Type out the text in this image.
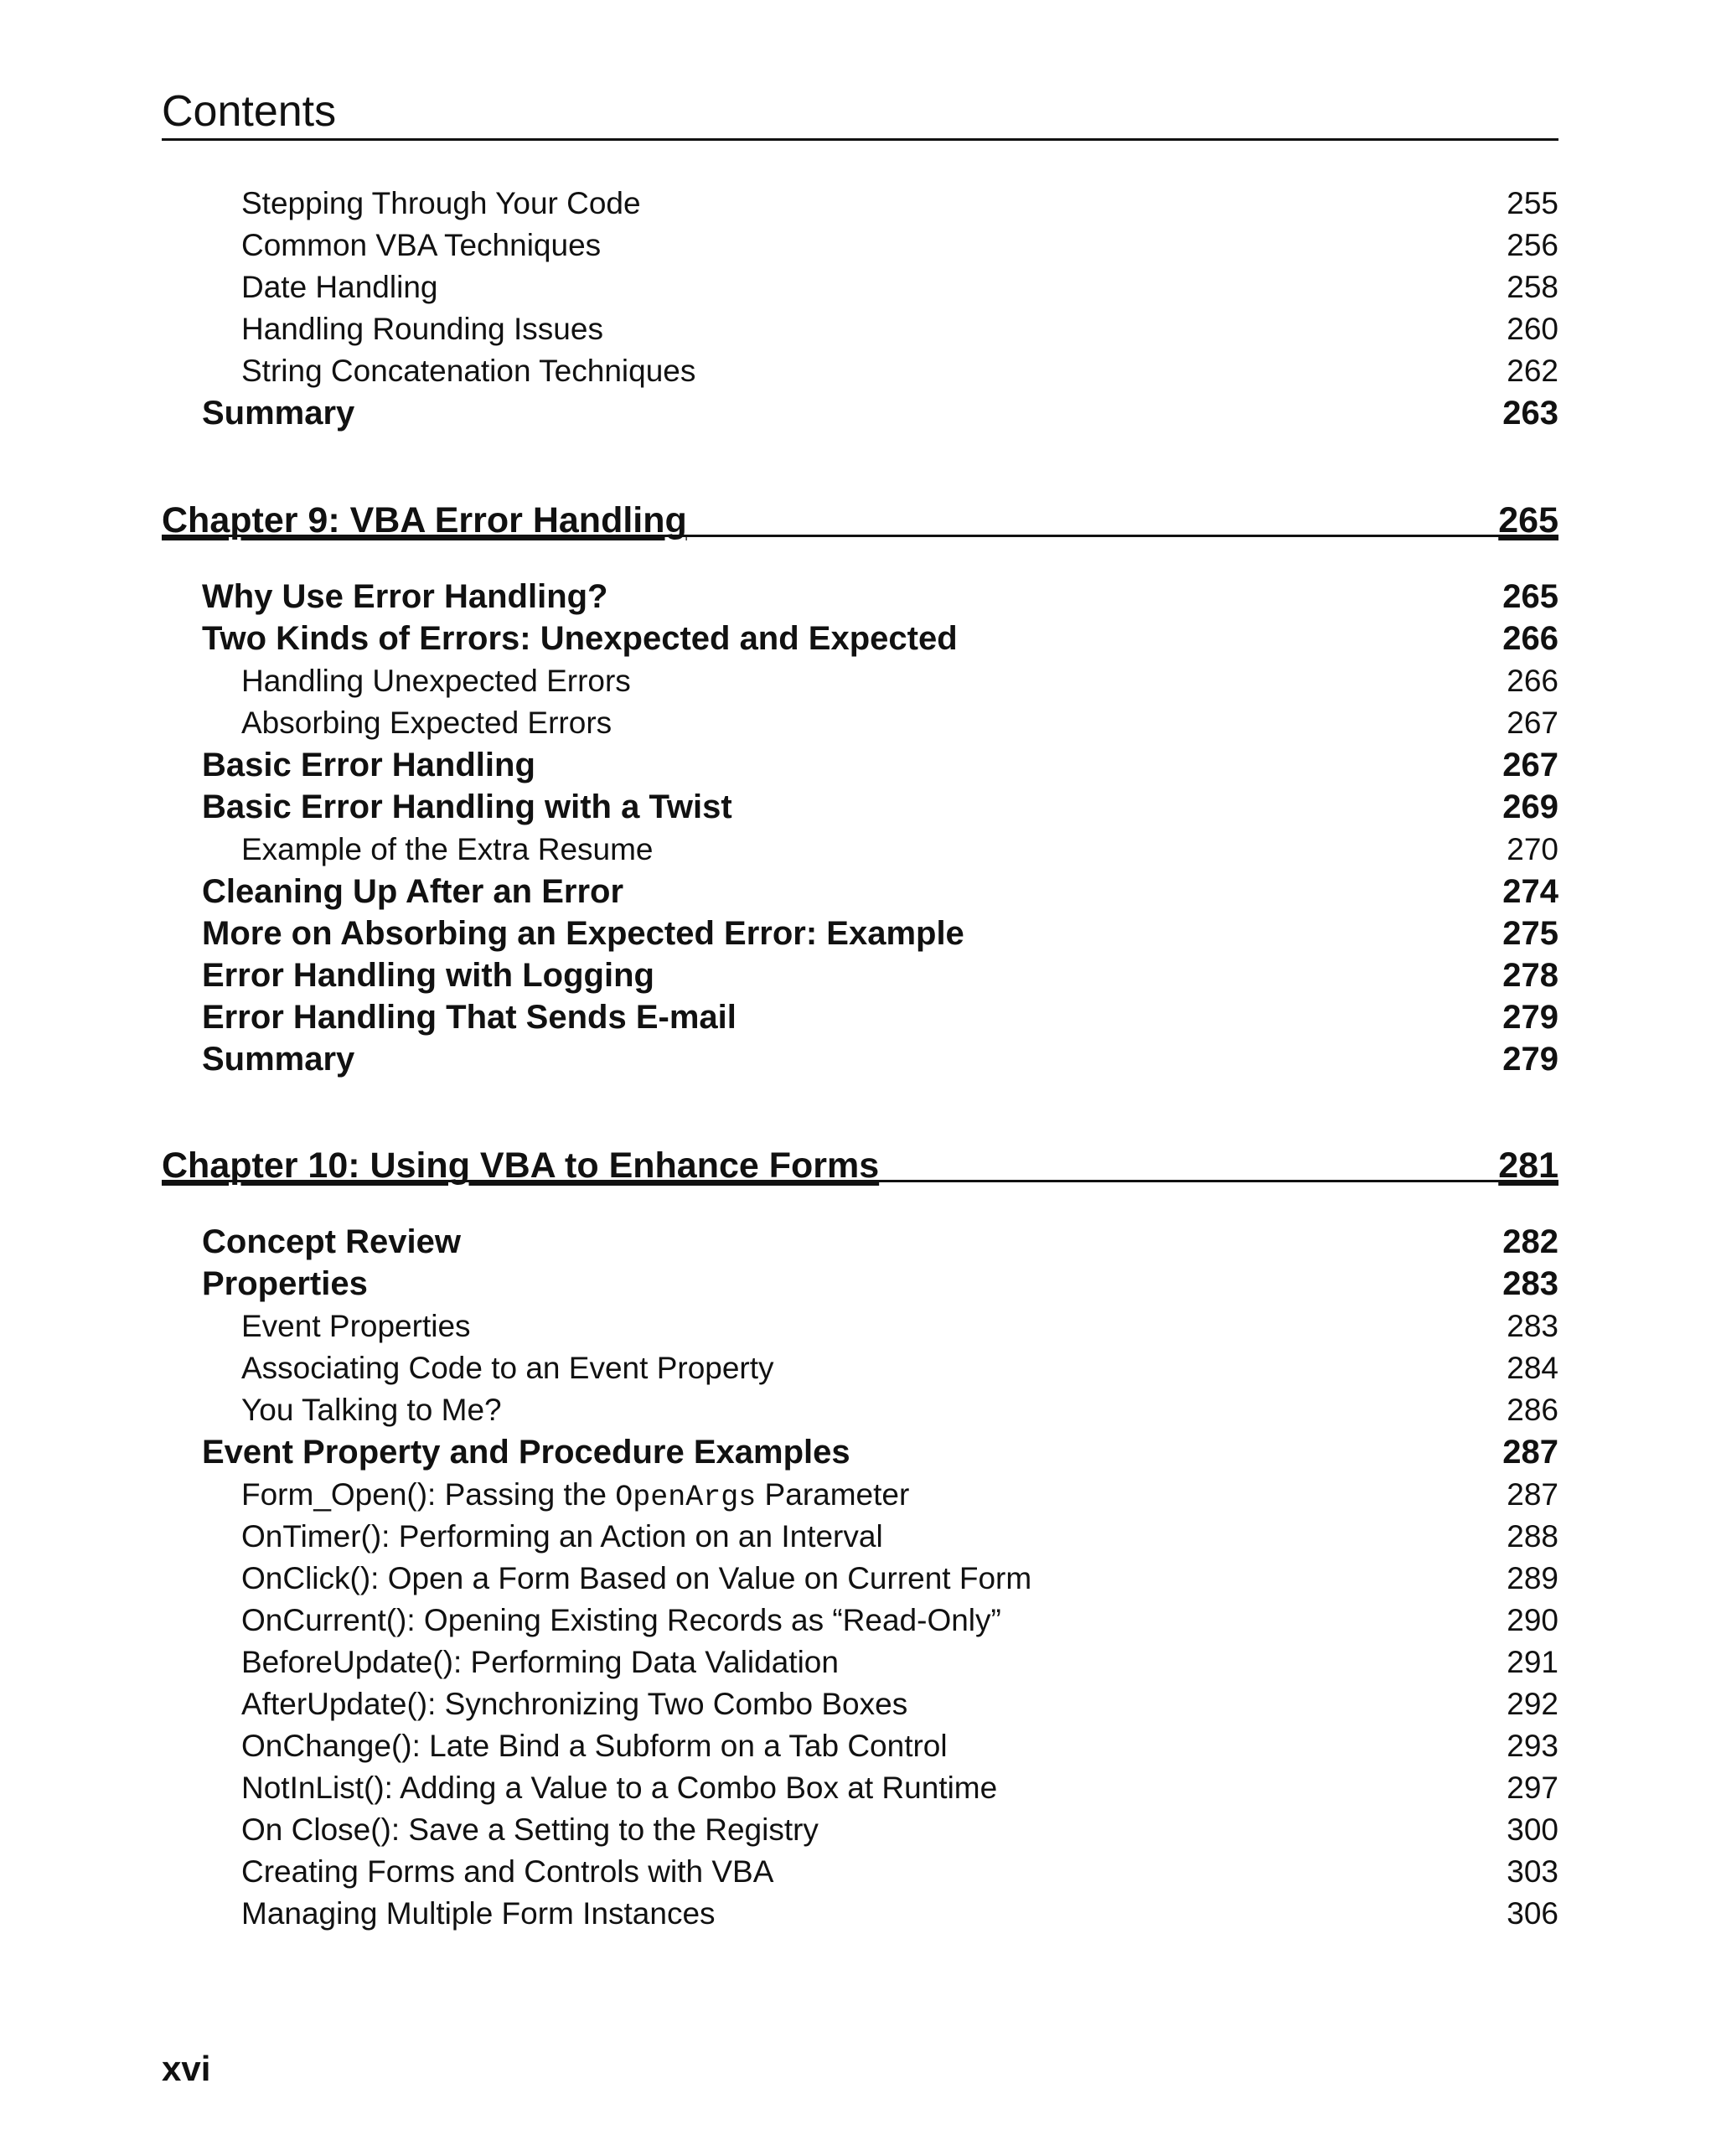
Contents
Stepping Through Your Code	255
Common VBA Techniques	256
Date Handling	258
Handling Rounding Issues	260
String Concatenation Techniques	262
Summary	263
Chapter 9: VBA Error Handling	265
Why Use Error Handling?	265
Two Kinds of Errors: Unexpected and Expected	266
Handling Unexpected Errors	266
Absorbing Expected Errors	267
Basic Error Handling	267
Basic Error Handling with a Twist	269
Example of the Extra Resume	270
Cleaning Up After an Error	274
More on Absorbing an Expected Error: Example	275
Error Handling with Logging	278
Error Handling That Sends E-mail	279
Summary	279
Chapter 10: Using VBA to Enhance Forms	281
Concept Review	282
Properties	283
Event Properties	283
Associating Code to an Event Property	284
You Talking to Me?	286
Event Property and Procedure Examples	287
Form_Open(): Passing the OpenArgs Parameter	287
OnTimer(): Performing an Action on an Interval	288
OnClick(): Open a Form Based on Value on Current Form	289
OnCurrent(): Opening Existing Records as “Read-Only”	290
BeforeUpdate(): Performing Data Validation	291
AfterUpdate(): Synchronizing Two Combo Boxes	292
OnChange(): Late Bind a Subform on a Tab Control	293
NotInList(): Adding a Value to a Combo Box at Runtime	297
On Close(): Save a Setting to the Registry	300
Creating Forms and Controls with VBA	303
Managing Multiple Form Instances	306
xvi
